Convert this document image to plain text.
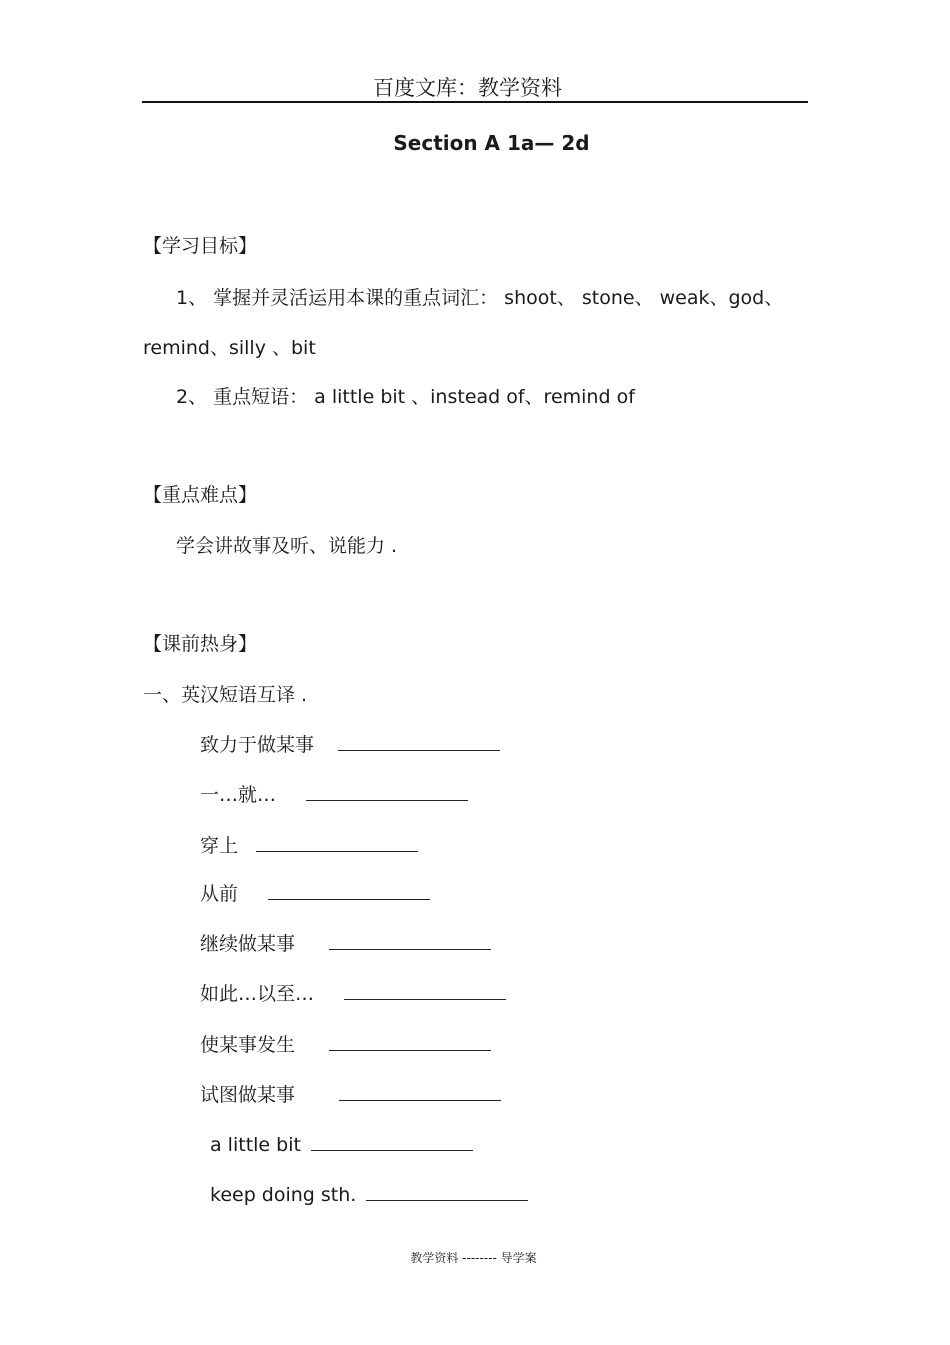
百度文库：教学资料
Section A 1a— 2d
【学习目标】
1、 掌握并灵活运用本课的重点词汇： shoot、 stone、 weak、god、
remind、silly 、bit
2、 重点短语： a little bit 、instead of、remind of
【重点难点】
学会讲故事及听、说能力 .
【课前热身】
一、英汉短语互译 .
致力于做某事
一…就…
穿上
从前
继续做某事
如此…以至…
使某事发生
试图做某事
a little bit
keep doing sth.
教学资料 -------- 导学案
